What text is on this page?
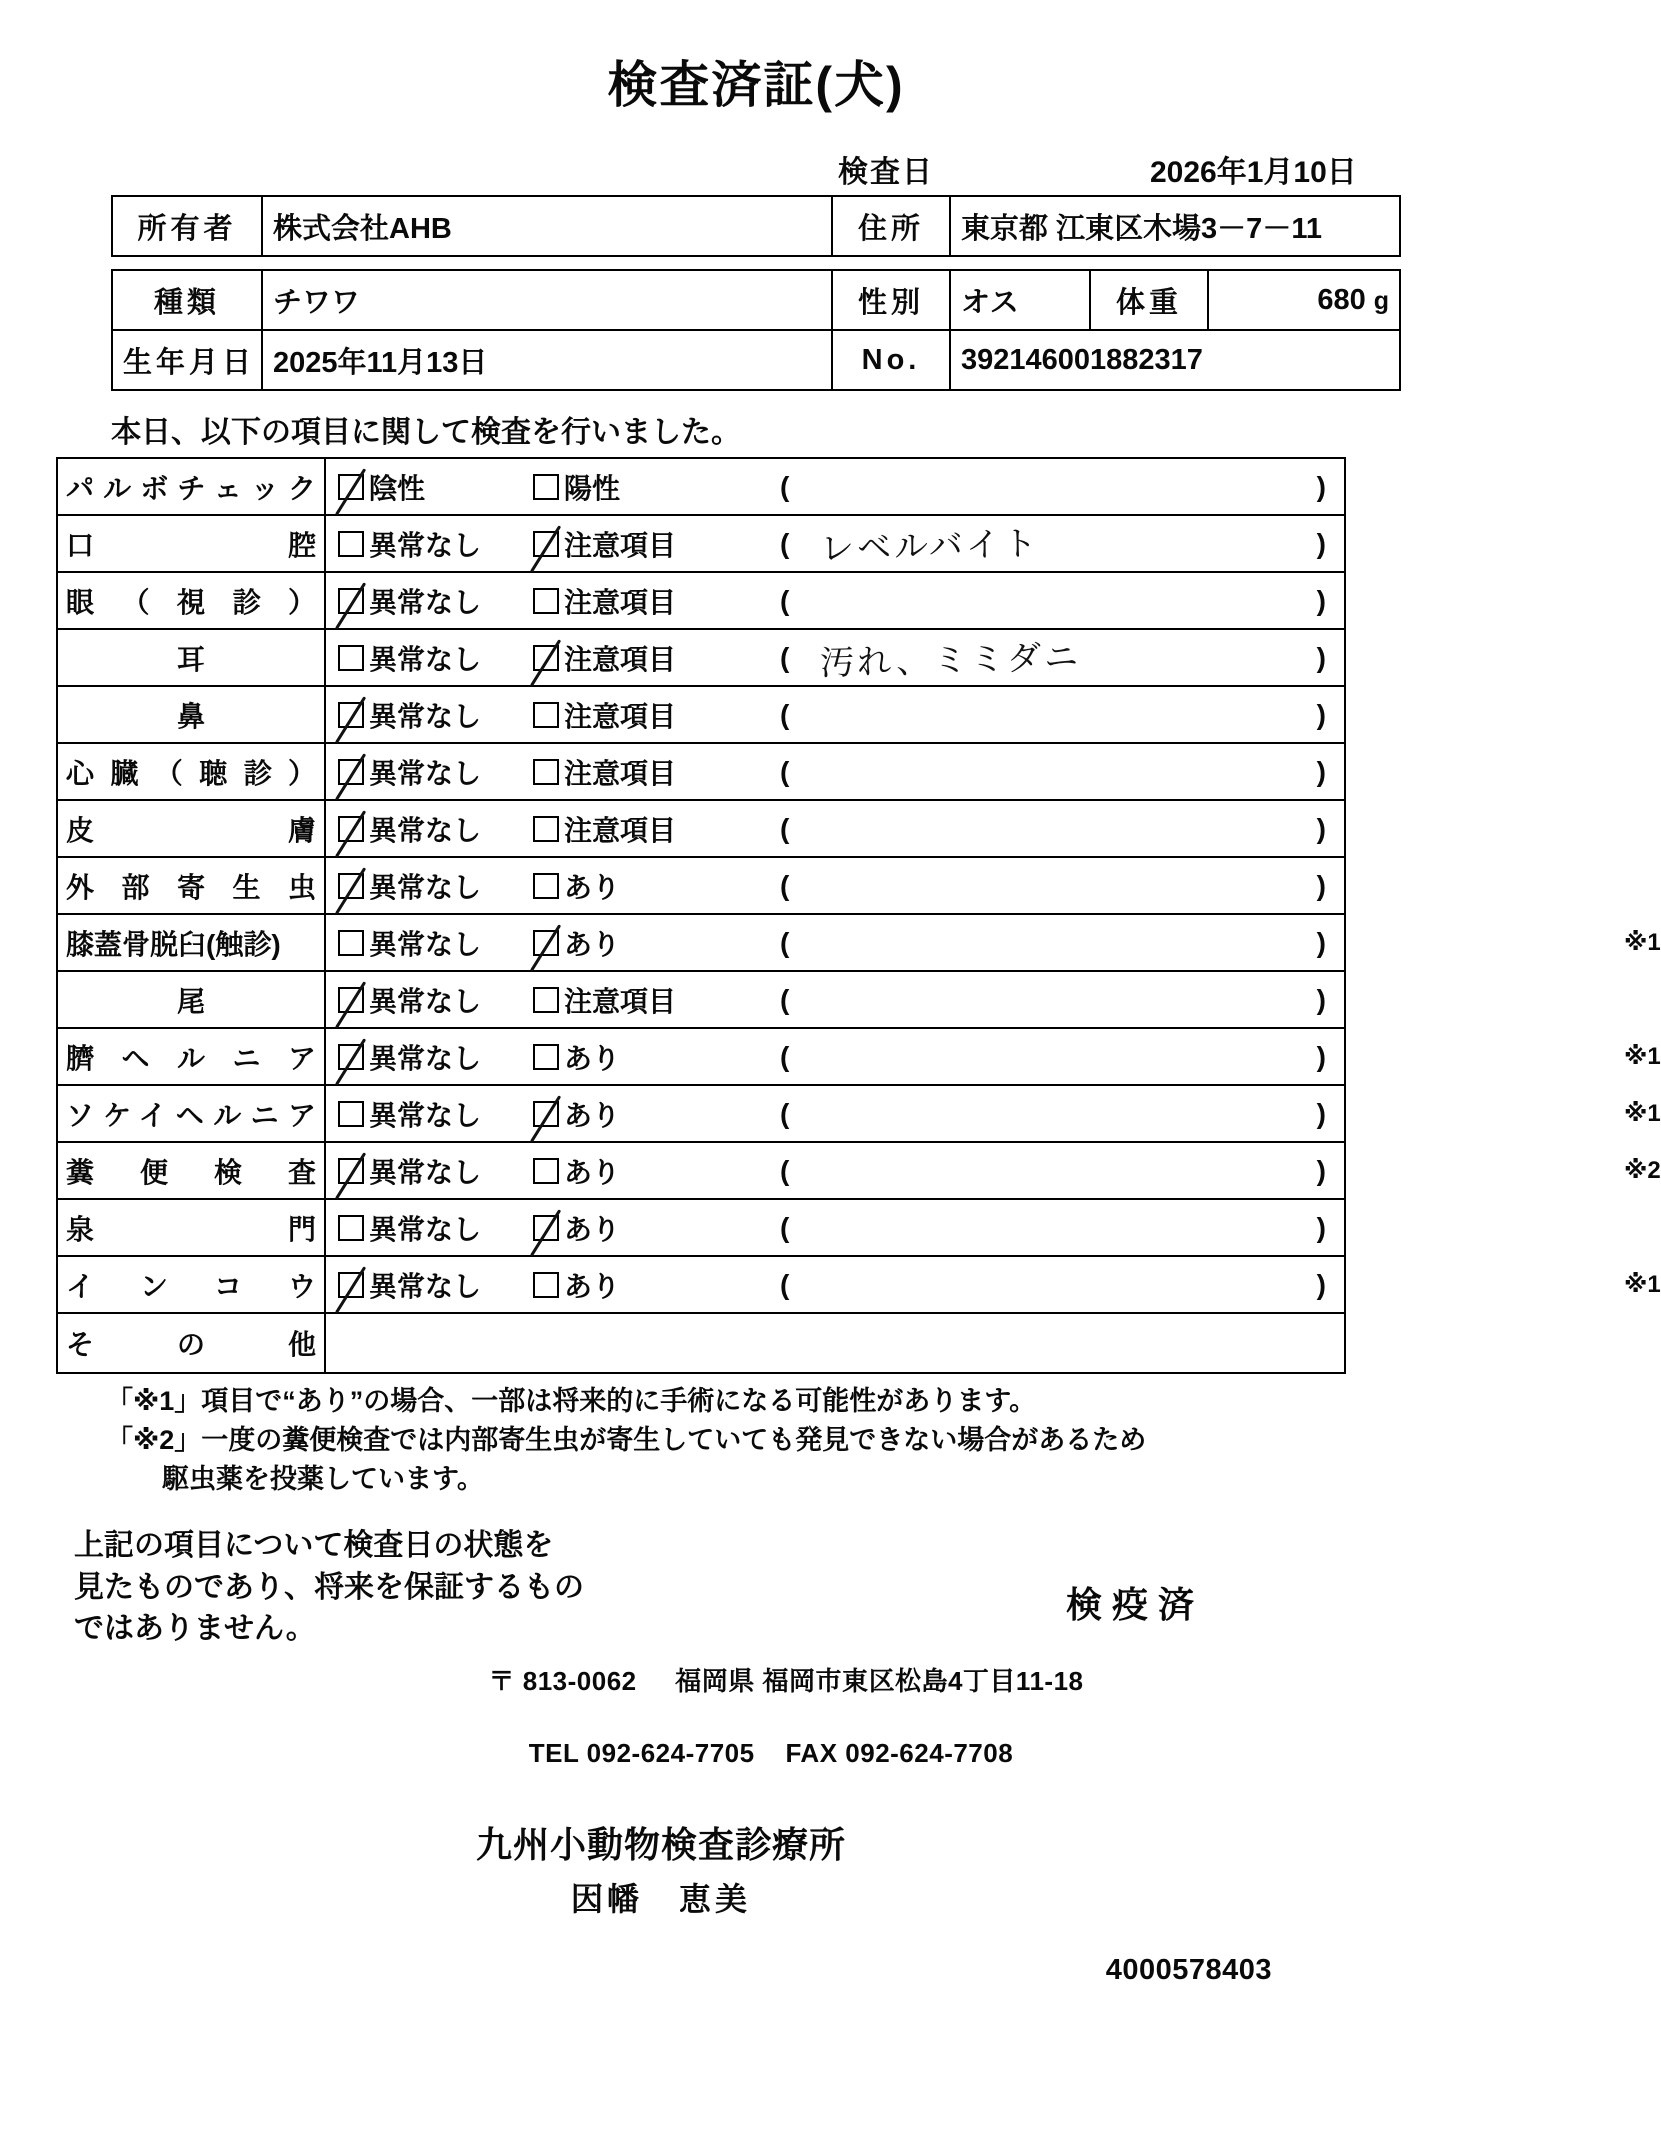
検査済証(犬)
検査日	2026年1月10日
所有者	株式会社AHB	住所	東京都 江東区木場3－7－11
種類	チワワ	性別	オス	体重	680 g
生年月日	2025年11月13日	No.	392146001882317		
本日、以下の項目に関して検査を行いました。
パルボチェック	陰性 陽性 ( )

口　　　　　腔	異常なし 注意項目 ( レベルバイト )

眼（視診）	異常なし 注意項目 ( )

耳	異常なし 注意項目 ( 汚れ、ミミダニ )

鼻	異常なし 注意項目 ( )

心臓（聴診）	異常なし 注意項目 ( )

皮　　　　　膚	異常なし 注意項目 ( )

外部寄生虫	異常なし あり ( )

膝蓋骨脱臼(触診)	異常なし あり ( ) ※1

尾	異常なし 注意項目 ( )

臍ヘルニア	異常なし あり ( ) ※1

ソケイヘルニア	異常なし あり ( ) ※1

糞便検査	異常なし あり ( ) ※2

泉　　　　　門	異常なし あり ( )

インコウ	異常なし あり ( ) ※1

その他	

「※1」項目で“あり”の場合、一部は将来的に手術になる可能性があります。
「※2」一度の糞便検査では内部寄生虫が寄生していても発見できない場合があるため
駆虫薬を投薬しています。
上記の項目について検査日の状態を
見たものであり、将来を保証するもの
ではありません。
検疫済
〒 813-0062 福岡県 福岡市東区松島4丁目11-18
TEL 092-624-7705 FAX 092-624-7708
九州小動物検査診療所
因幡　恵美
4000578403
